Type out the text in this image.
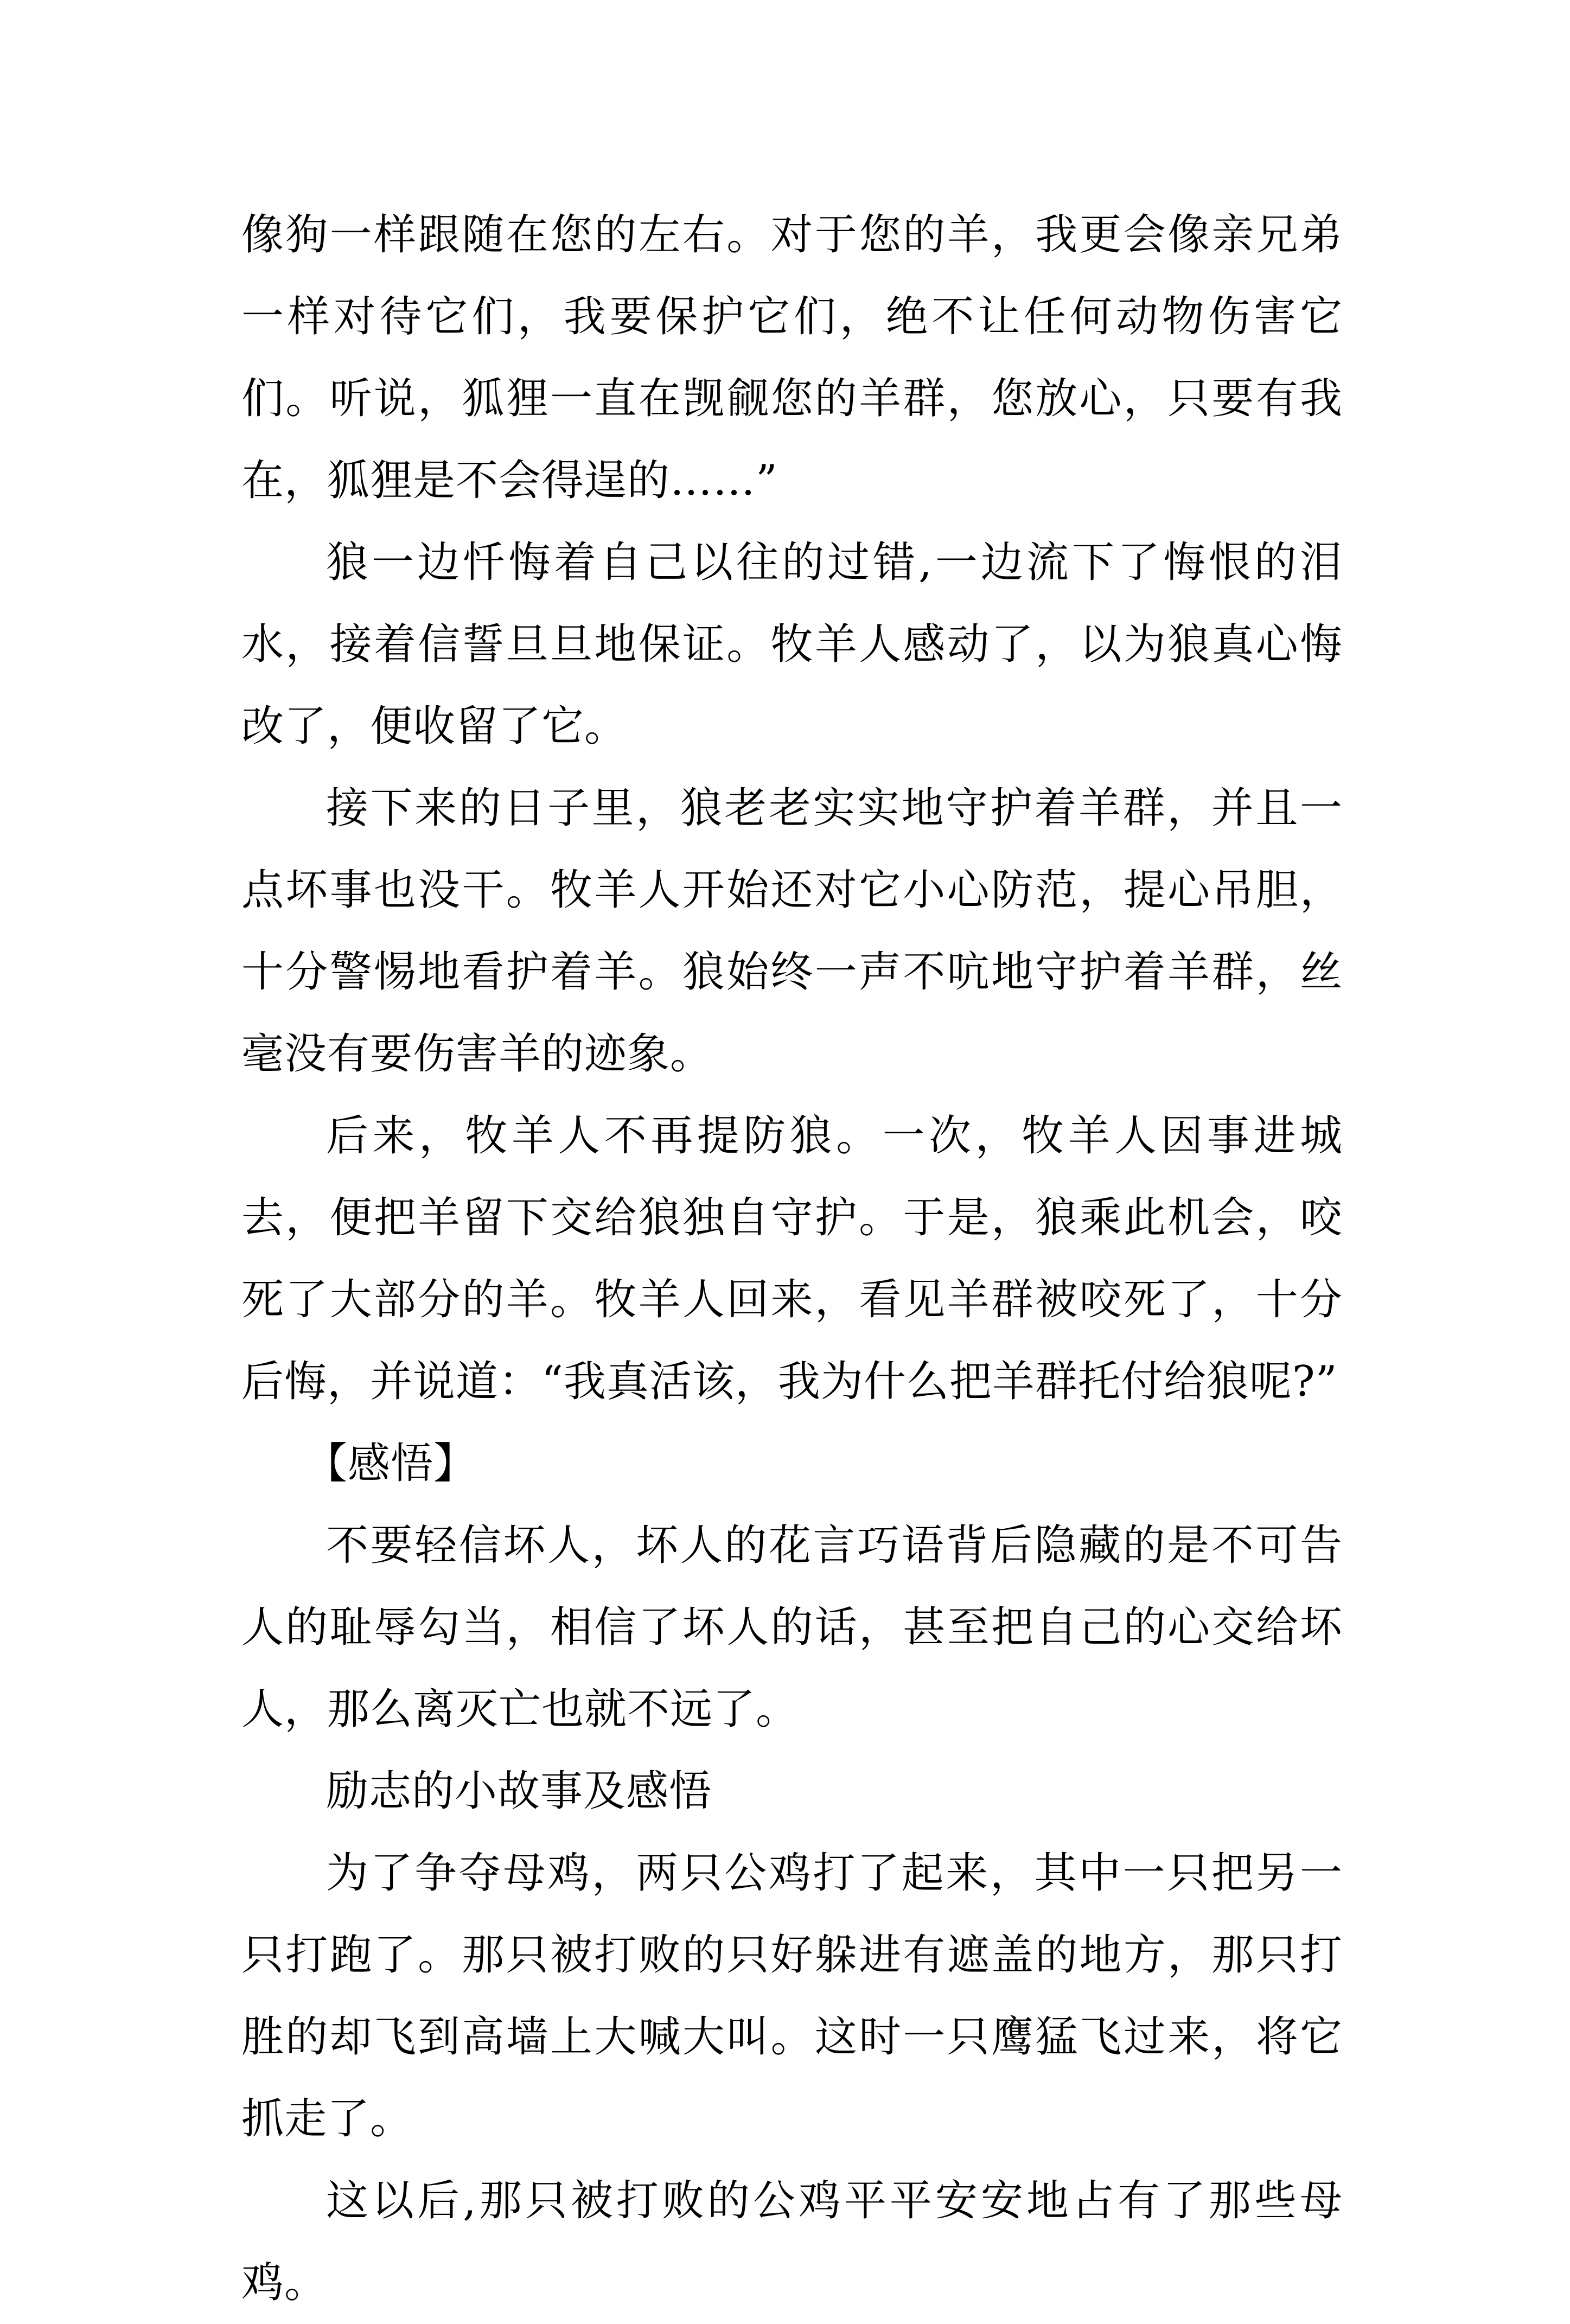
像狗一样跟随在您的左右。对于您的羊，我更会像亲兄弟一样对待它们，我要保护它们，绝不让任何动物伤害它们。听说，狐狸一直在觊觎您的羊群，您放心，只要有我在，狐狸是不会得逞的……”

狼一边忏悔着自己以往的过错,一边流下了悔恨的泪水，接着信誓旦旦地保证。牧羊人感动了，以为狼真心悔改了，便收留了它。

接下来的日子里，狼老老实实地守护着羊群，并且一点坏事也没干。牧羊人开始还对它小心防范，提心吊胆，十分警惕地看护着羊。狼始终一声不吭地守护着羊群，丝毫没有要伤害羊的迹象。

后来，牧羊人不再提防狼。一次，牧羊人因事进城去，便把羊留下交给狼独自守护。于是，狼乘此机会，咬死了大部分的羊。牧羊人回来，看见羊群被咬死了，十分后悔，并说道：“我真活该，我为什么把羊群托付给狼呢?”

【感悟】

不要轻信坏人，坏人的花言巧语背后隐藏的是不可告人的耻辱勾当，相信了坏人的话，甚至把自己的心交给坏人，那么离灭亡也就不远了。

励志的小故事及感悟

为了争夺母鸡，两只公鸡打了起来，其中一只把另一只打跑了。那只被打败的只好躲进有遮盖的地方，那只打胜的却飞到高墙上大喊大叫。这时一只鹰猛飞过来，将它抓走了。

这以后,那只被打败的公鸡平平安安地占有了那些母鸡。
